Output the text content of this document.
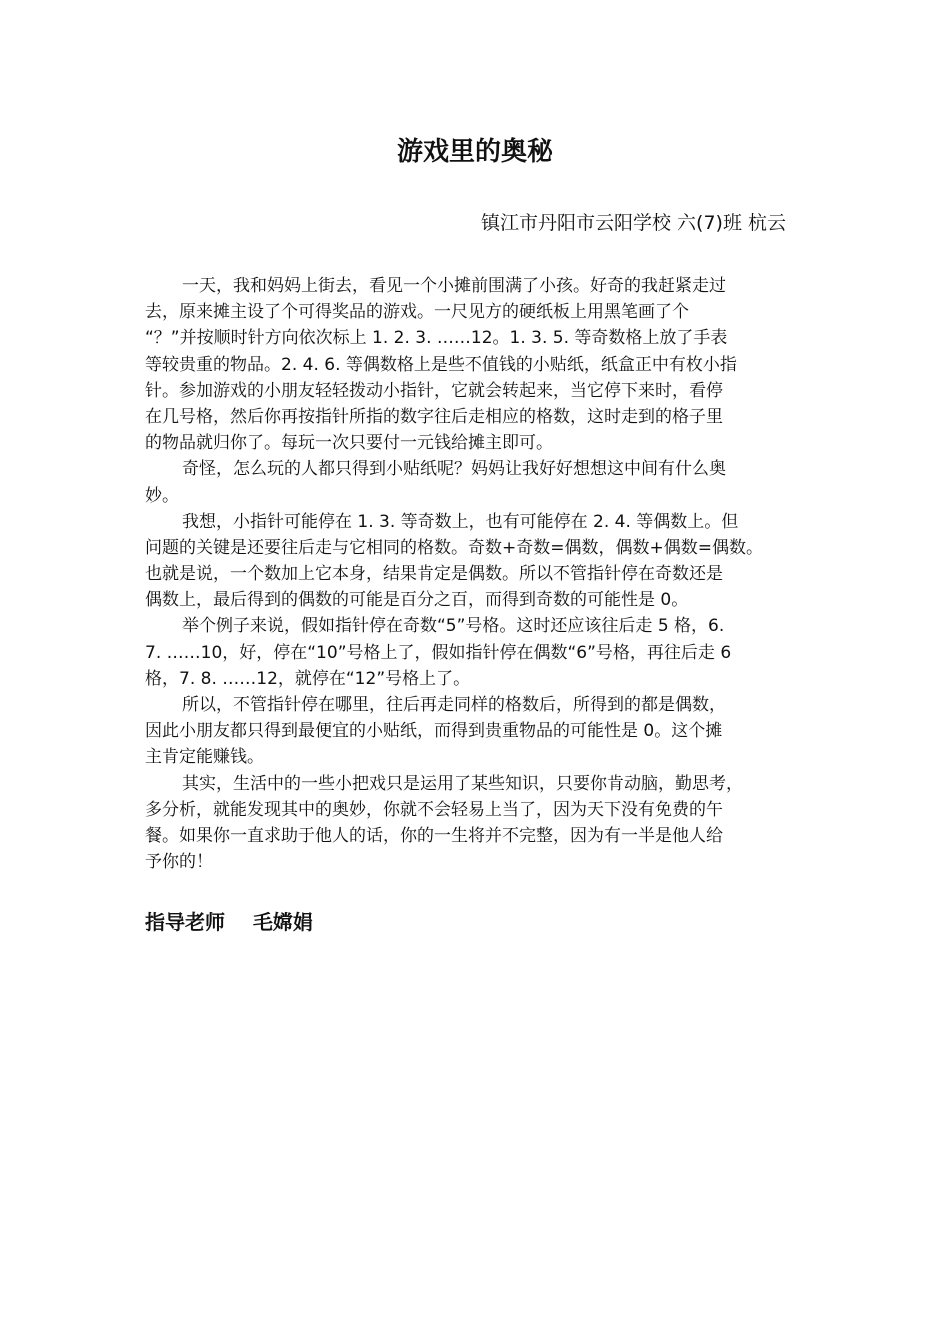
游戏里的奥秘

镇江市丹阳市云阳学校 六(7)班 杭云

一天，我和妈妈上街去，看见一个小摊前围满了小孩。好奇的我赶紧走过
去，原来摊主设了个可得奖品的游戏。一尺见方的硬纸板上用黑笔画了个
“？”并按顺时针方向依次标上 1. 2. 3. ……12。1. 3. 5. 等奇数格上放了手表
等较贵重的物品。2. 4. 6. 等偶数格上是些不值钱的小贴纸，纸盒正中有枚小指
针。参加游戏的小朋友轻轻拨动小指针，它就会转起来，当它停下来时，看停
在几号格，然后你再按指针所指的数字往后走相应的格数，这时走到的格子里
的物品就归你了。每玩一次只要付一元钱给摊主即可。
奇怪，怎么玩的人都只得到小贴纸呢？妈妈让我好好想想这中间有什么奥
妙。
我想，小指针可能停在 1. 3. 等奇数上，也有可能停在 2. 4. 等偶数上。但
问题的关键是还要往后走与它相同的格数。奇数+奇数=偶数，偶数+偶数=偶数。
也就是说，一个数加上它本身，结果肯定是偶数。所以不管指针停在奇数还是
偶数上，最后得到的偶数的可能是百分之百，而得到奇数的可能性是 0。
举个例子来说，假如指针停在奇数“5”号格。这时还应该往后走 5 格，6.
7. ……10，好，停在“10”号格上了，假如指针停在偶数“6”号格，再往后走 6
格，7. 8. ……12，就停在“12”号格上了。
所以，不管指针停在哪里，往后再走同样的格数后，所得到的都是偶数，
因此小朋友都只得到最便宜的小贴纸，而得到贵重物品的可能性是 0。这个摊
主肯定能赚钱。
其实，生活中的一些小把戏只是运用了某些知识，只要你肯动脑，勤思考，
多分析，就能发现其中的奥妙，你就不会轻易上当了，因为天下没有免费的午
餐。如果你一直求助于他人的话，你的一生将并不完整，因为有一半是他人给
予你的！

指导老师    毛嫦娟
